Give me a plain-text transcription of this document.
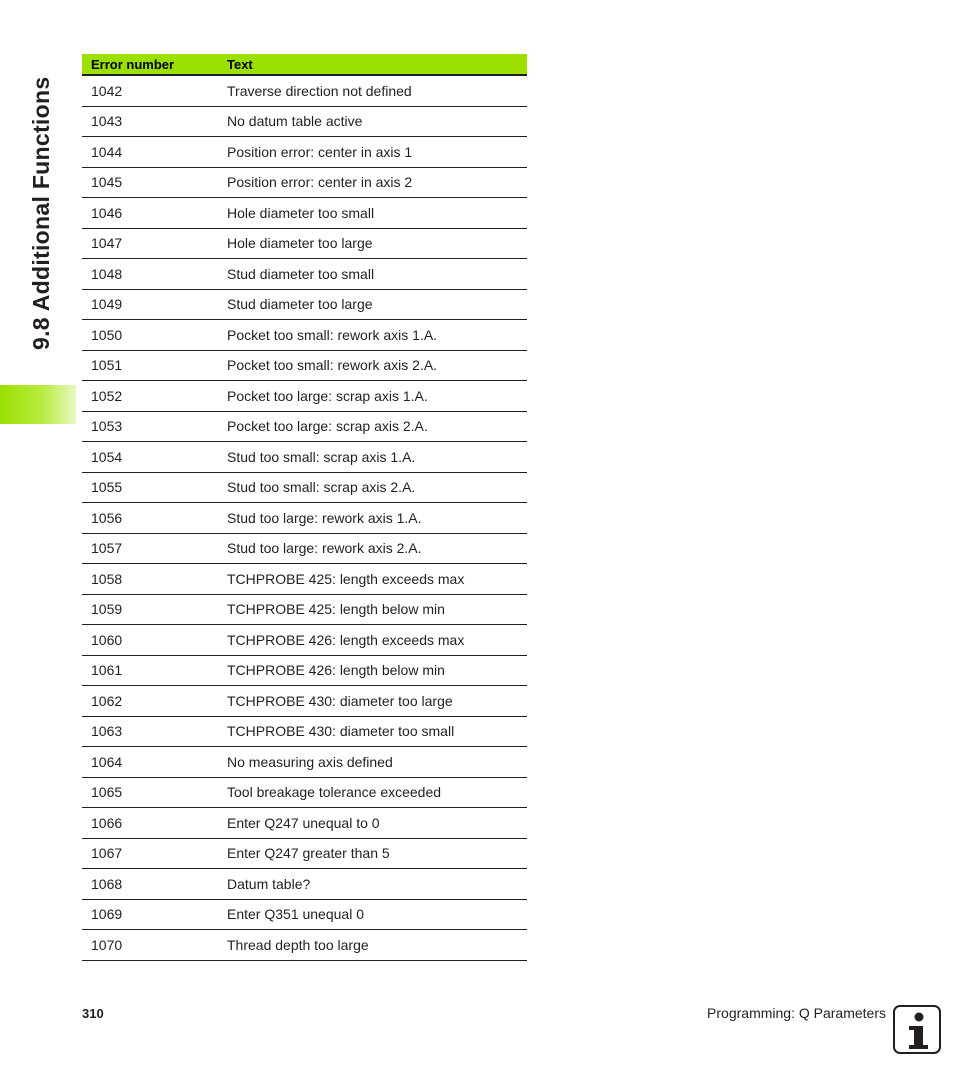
9.8 Additional Functions
Error number	Text
1042	Traverse direction not defined
1043	No datum table active
1044	Position error: center in axis 1
1045	Position error: center in axis 2
1046	Hole diameter too small
1047	Hole diameter too large
1048	Stud diameter too small
1049	Stud diameter too large
1050	Pocket too small: rework axis 1.A.
1051	Pocket too small: rework axis 2.A.
1052	Pocket too large: scrap axis 1.A.
1053	Pocket too large: scrap axis 2.A.
1054	Stud too small: scrap axis 1.A.
1055	Stud too small: scrap axis 2.A.
1056	Stud too large: rework axis 1.A.
1057	Stud too large: rework axis 2.A.
1058	TCHPROBE 425: length exceeds max
1059	TCHPROBE 425: length below min
1060	TCHPROBE 426: length exceeds max
1061	TCHPROBE 426: length below min
1062	TCHPROBE 430: diameter too large
1063	TCHPROBE 430: diameter too small
1064	No measuring axis defined
1065	Tool breakage tolerance exceeded
1066	Enter Q247 unequal to 0
1067	Enter Q247 greater than 5
1068	Datum table?
1069	Enter Q351 unequal 0
1070	Thread depth too large
310	Programming: Q Parameters
